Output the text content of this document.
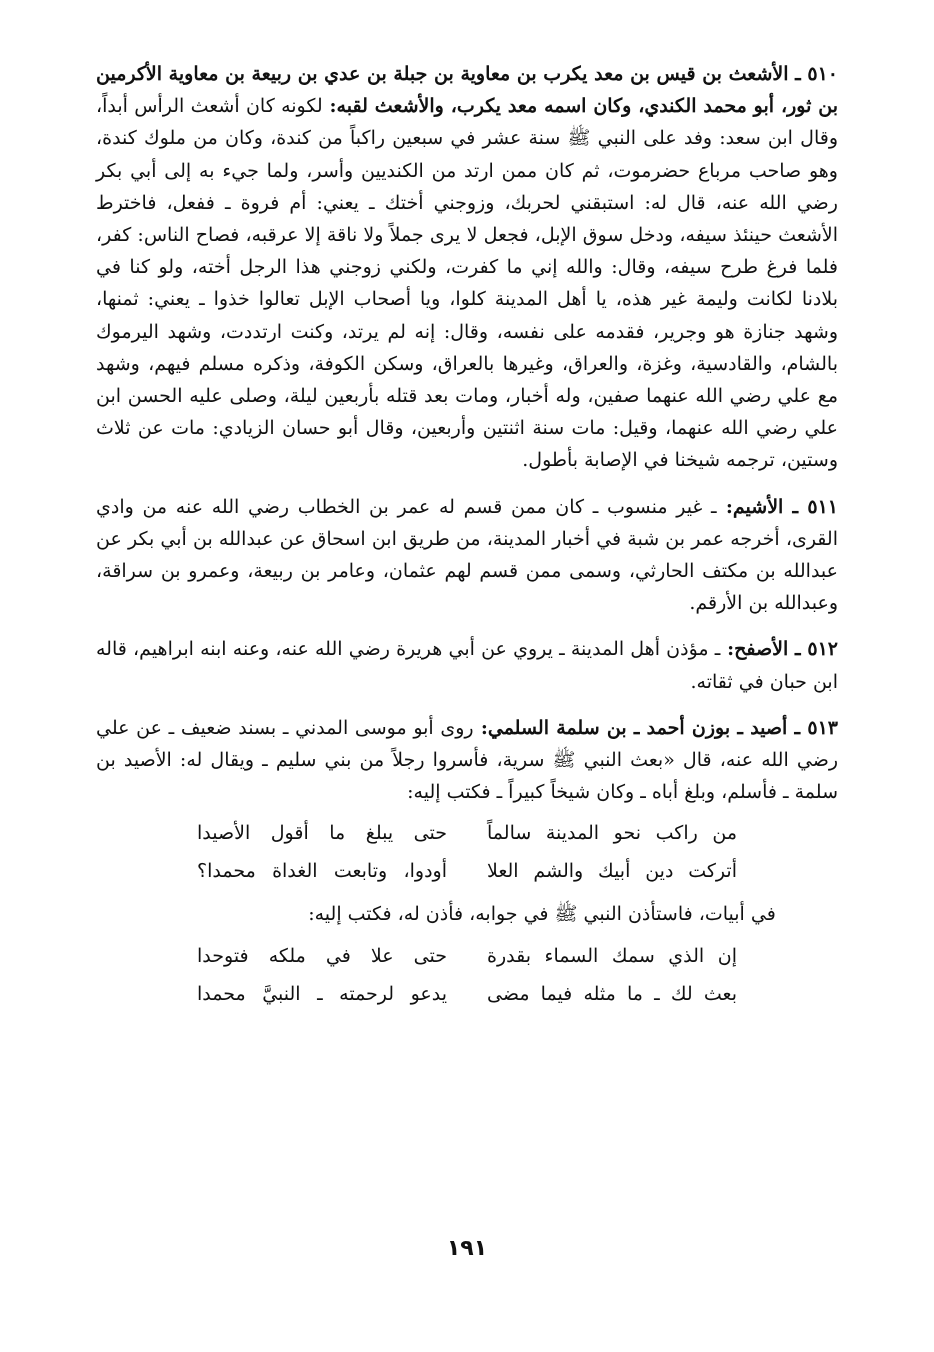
٥١٠ ـ الأشعث بن قيس بن معد يكرب بن معاوية بن جبلة بن عدي بن ربيعة بن معاوية الأكرمين بن ثور، أبو محمد الكندي، وكان اسمه معد يكرب، والأشعث لقبه: لكونه كان أشعث الرأس أبداً، وقال ابن سعد: وفد على النبي ﷺ سنة عشر في سبعين راكباً من كندة، وكان من ملوك كندة، وهو صاحب مرباع حضرموت، ثم كان ممن ارتد من الكنديين وأسر، ولما جيء به إلى أبي بكر رضي الله عنه، قال له: استبقني لحربك، وزوجني أختك ـ يعني: أم فروة ـ ففعل، فاخترط الأشعث حينئذ سيفه، ودخل سوق الإبل، فجعل لا يرى جملاً ولا ناقة إلا عرقبه، فصاح الناس: كفر، فلما فرغ طرح سيفه، وقال: والله إني ما كفرت، ولكني زوجني هذا الرجل أخته، ولو كنا في بلادنا لكانت وليمة غير هذه، يا أهل المدينة كلوا، ويا أصحاب الإبل تعالوا خذوا ـ يعني: ثمنها، وشهد جنازة هو وجرير، فقدمه على نفسه، وقال: إنه لم يرتد، وكنت ارتددت، وشهد اليرموك بالشام، والقادسية، وغزة، والعراق، وغيرها بالعراق، وسكن الكوفة، وذكره مسلم فيهم، وشهد مع علي رضي الله عنهما صفين، وله أخبار، ومات بعد قتله بأربعين ليلة، وصلى عليه الحسن ابن علي رضي الله عنهما، وقيل: مات سنة اثنتين وأربعين، وقال أبو حسان الزيادي: مات عن ثلاث وستين، ترجمه شيخنا في الإصابة بأطول.

٥١١ ـ الأشيم: ـ غير منسوب ـ كان ممن قسم له عمر بن الخطاب رضي الله عنه من وادي القرى، أخرجه عمر بن شبة في أخبار المدينة، من طريق ابن اسحاق عن عبدالله بن أبي بكر عن عبدالله بن مكتف الحارثي، وسمى ممن قسم لهم عثمان، وعامر بن ربيعة، وعمرو بن سراقة، وعبدالله بن الأرقم.

٥١٢ ـ الأصفح: ـ مؤذن أهل المدينة ـ يروي عن أبي هريرة رضي الله عنه، وعنه ابنه ابراهيم، قاله ابن حبان في ثقاته.

٥١٣ ـ أصيد ـ بوزن أحمد ـ بن سلمة السلمي: روى أبو موسى المدني ـ بسند ضعيف ـ عن علي رضي الله عنه، قال «بعث النبي ﷺ سرية، فأسروا رجلاً من بني سليم ـ ويقال له: الأصيد بن سلمة ـ فأسلم، وبلغ أباه ـ وكان شيخاً كبيراً ـ فكتب إليه:

من راكب نحو المدينة سالماً
حتى يبلغ ما أقول الأصيدا
أتركت دين أبيك والشم العلا
أودوا، وتابعت الغداة محمدا؟
في أبيات، فاستأذن النبي ﷺ في جوابه، فأذن له، فكتب إليه:
إن الذي سمك السماء بقدرة
حتى علا في ملكه فتوحدا
بعث لك ـ ما مثله فيما مضى
يدعو لرحمته ـ النبيَّ محمدا
١٩١
